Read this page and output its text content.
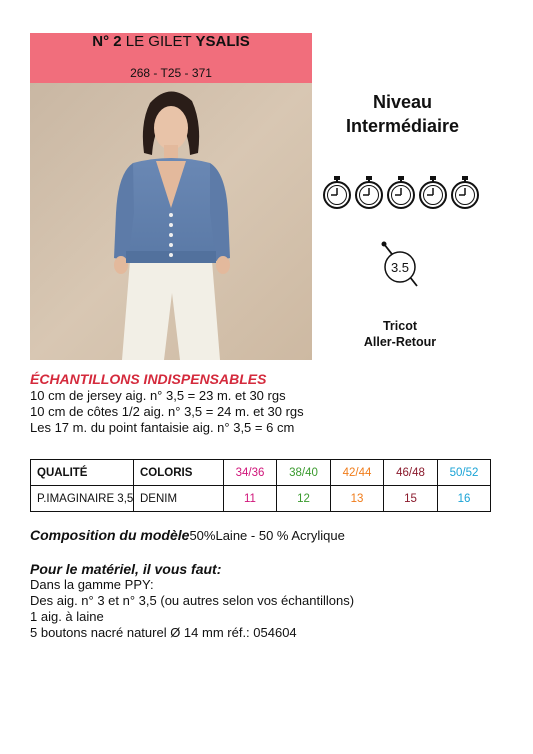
N° 2 LE GILET YSALIS
268 - T25 - 371
Niveau
Intermédiaire
3.5
Tricot
Aller-Retour
ÉCHANTILLONS INDISPENSABLES
10 cm de jersey aig. n° 3,5 = 23 m. et 30 rgs
10 cm de côtes 1/2 aig. n° 3,5 = 24 m. et 30 rgs
Les 17 m. du point fantaisie aig. n° 3,5 = 6 cm
QUALITÉ	COLORIS	34/36	38/40	42/44	46/48	50/52
P.IMAGINAIRE 3,5	DENIM	11	12	13	15	16
Composition du modèle50%Laine - 50 % Acrylique
Pour le matériel, il vous faut:
Dans la gamme PPY:
Des aig. n° 3 et n° 3,5 (ou autres selon vos échantillons)
1 aig. à laine
5 boutons nacré naturel Ø 14 mm réf.: 054604
